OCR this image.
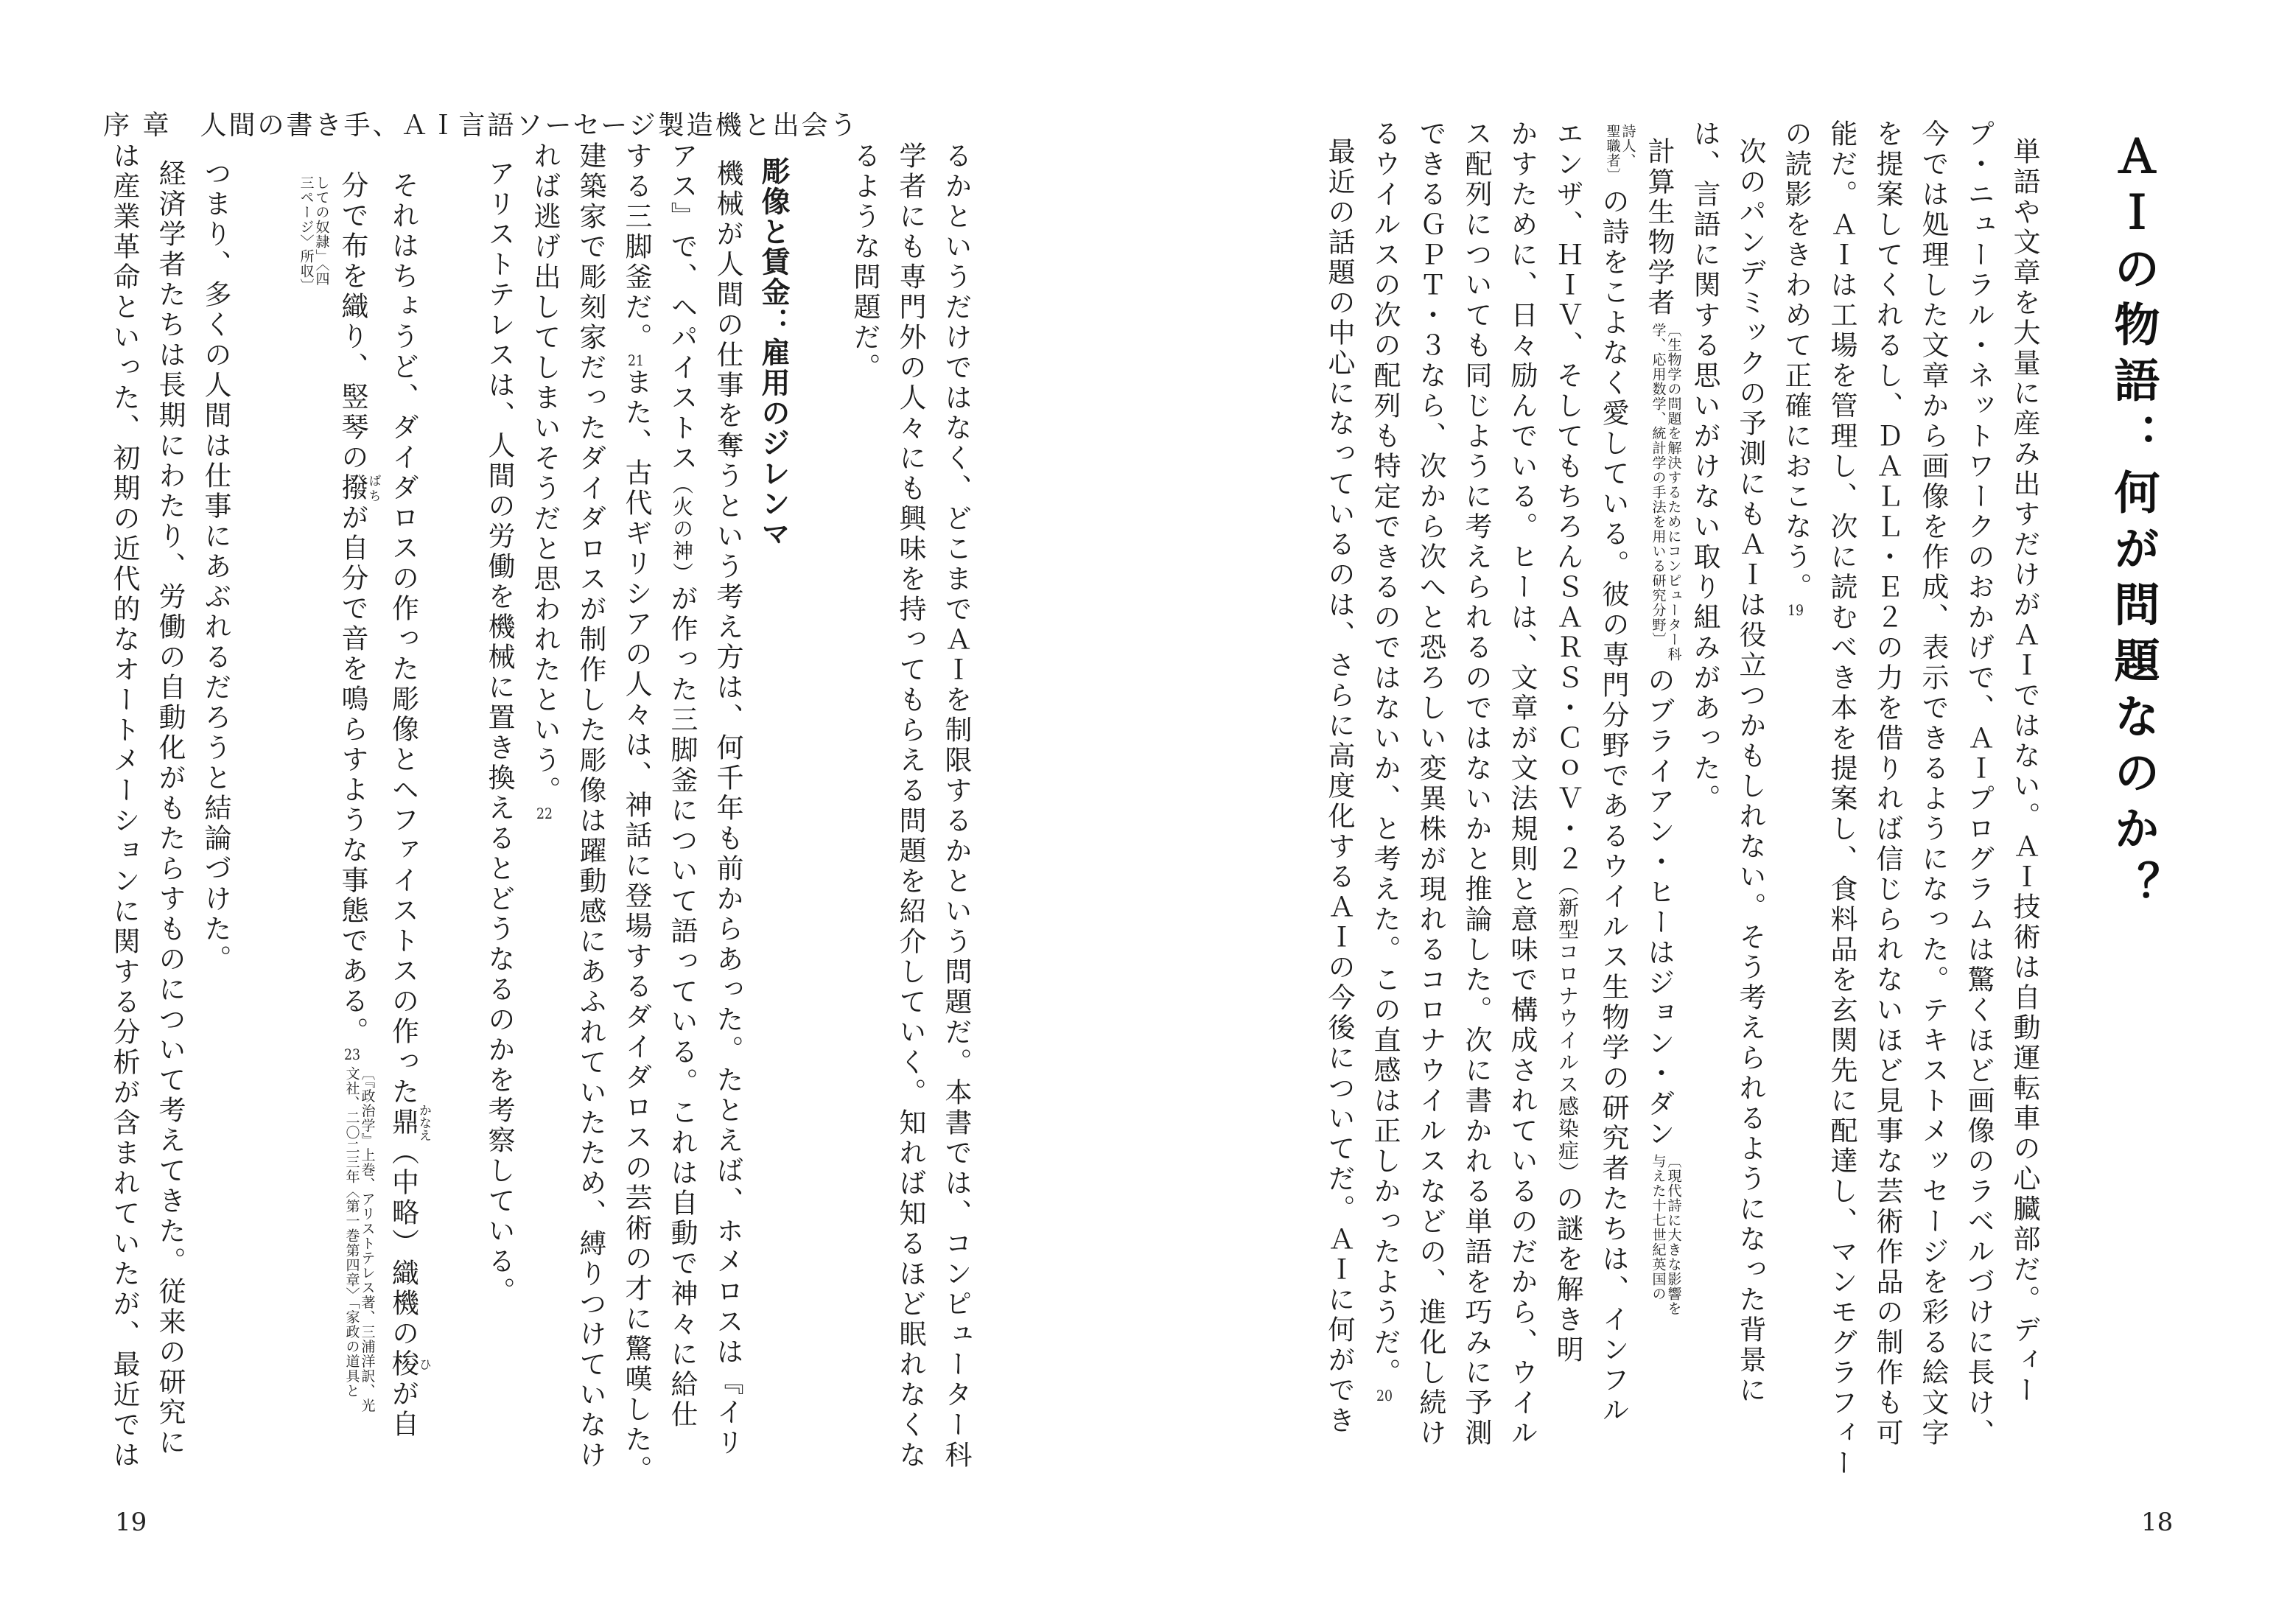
序 章　人間の書き手、ＡＩ言語ソーセージ製造機と出会う
るかというだけではなく、どこまでＡＩを制限するかという問題だ。本書では、コンピューター科
学者にも専門外の人々にも興味を持ってもらえる問題を紹介していく。知れば知るほど眠れなくな
るような問題だ。
彫像と賃金：雇用のジレンマ
機械が人間の仕事を奪うという考え方は、何千年も前からあった。たとえば、ホメロスは『イリ
アス』で、ヘパイストス（火の神）が作った三脚釜について語っている。これは自動で神々に給仕
する三脚釜だ。21また、古代ギリシアの人々は、神話に登場するダイダロスの芸術の才に驚嘆した。
建築家で彫刻家だったダイダロスが制作した彫像は躍動感にあふれていたため、縛りつけていなけ
れば逃げ出してしまいそうだと思われたという。22
アリストテレスは、人間の労働を機械に置き換えるとどうなるのかを考察している。
それはちょうど、ダイダロスの作った彫像とヘファイストスの作った鼎かなえ（中略）織機の梭ひが自
分で布を織り、竪琴の撥ばちが自分で音を鳴らすような事態である。23
〔『政治学』上巻、アリストテレス著、三浦洋訳、光
文社、二〇二三年〈第一巻第四章〉「家政の道具と
しての奴隷」〈四
三ページ〉所収〕
つまり、多くの人間は仕事にあぶれるだろうと結論づけた。
経済学者たちは長期にわたり、労働の自動化がもたらすものについて考えてきた。従来の研究に
は産業革命といった、初期の近代的なオートメーションに関する分析が含まれていたが、最近では
19
ＡＩの物語：何が問題なのか？
単語や文章を大量に産み出すだけがＡＩではない。ＡＩ技術は自動運転車の心臓部だ。ディー
プ・ニューラル・ネットワークのおかげで、ＡＩプログラムは驚くほど画像のラベルづけに長け、
今では処理した文章から画像を作成、表示できるようになった。テキストメッセージを彩る絵文字
を提案してくれるし、ＤＡＬＬ・Ｅ２の力を借りれば信じられないほど見事な芸術作品の制作も可
能だ。ＡＩは工場を管理し、次に読むべき本を提案し、食料品を玄関先に配達し、マンモグラフィー
の読影をきわめて正確におこなう。19
次のパンデミックの予測にもＡＩは役立つかもしれない。そう考えられるようになった背景に
は、言語に関する思いがけない取り組みがあった。
計算生物学者
〔生物学の問題を解決するためにコンピューター科
学、応用数学、統計学の手法を用いる研究分野〕
のブライアン・ヒーはジョン・ダン
〔現代詩に大きな影響を
与えた十七世紀英国の
詩人、
聖職者〕
の詩をこよなく愛している。彼の専門分野であるウイルス生物学の研究者たちは、インフル
エンザ、ＨＩＶ、そしてもちろんＳＡＲＳ・ＣｏＶ・２（新型コロナウイルス感染症）の謎を解き明
かすために、日々励んでいる。ヒーは、文章が文法規則と意味で構成されているのだから、ウイル
ス配列についても同じように考えられるのではないかと推論した。次に書かれる単語を巧みに予測
できるＧＰＴ・３なら、次から次へと恐ろしい変異株が現れるコロナウイルスなどの、進化し続け
るウイルスの次の配列も特定できるのではないか、と考えた。この直感は正しかったようだ。20
最近の話題の中心になっているのは、さらに高度化するＡＩの今後についてだ。ＡＩに何ができ
18
